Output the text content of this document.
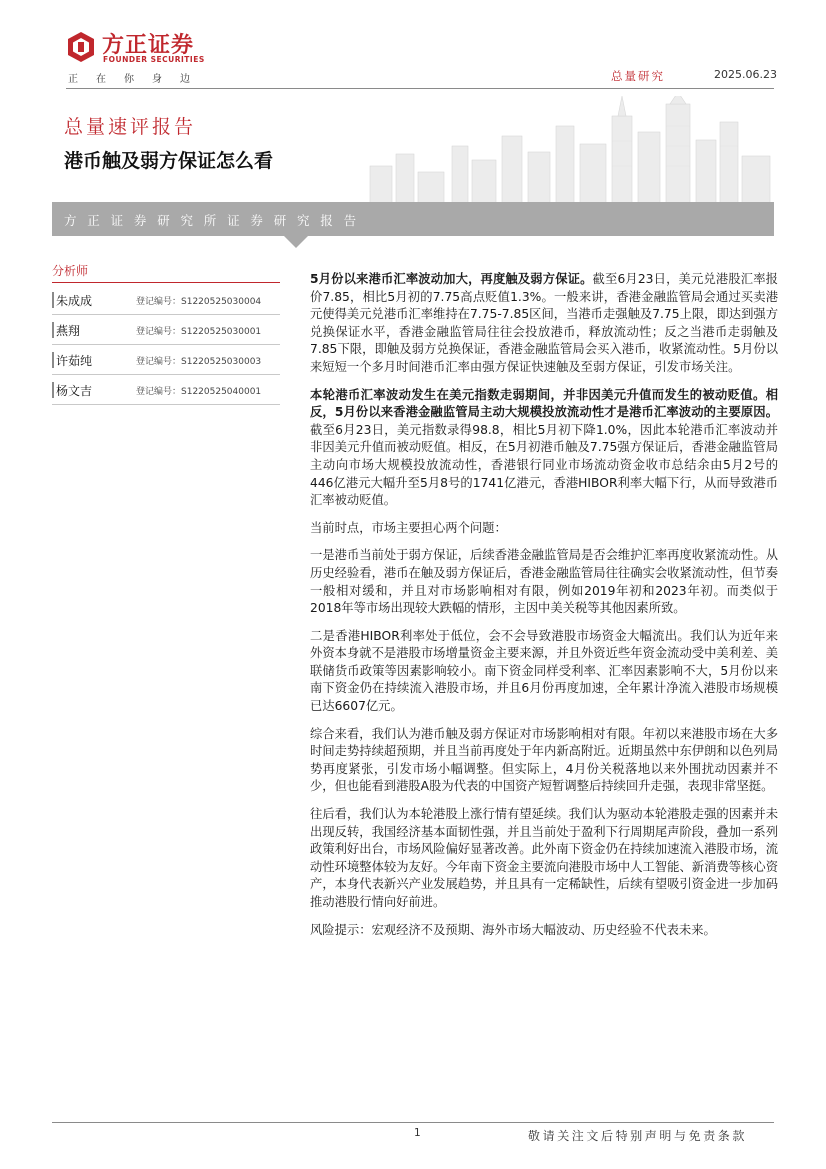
方正证券
FOUNDER SECURITIES
正在你身边	总量研究	2025.06.23
总量速评报告
港币触及弱方保证怎么看
方正证券研究所证券研究报告
分析师
朱成成	登记编号：S1220525030004
燕翔	登记编号：S1220525030001
许茹纯	登记编号：S1220525030003
杨文吉	登记编号：S1220525040001

5月份以来港币汇率波动加大，再度触及弱方保证。截至6月23日，美元兑港股汇率报价7.85，相比5月初的7.75高点贬值1.3%。一般来讲，香港金融监管局会通过买卖港元使得美元兑港币汇率维持在7.75-7.85区间，当港币走强触及7.75上限，即达到强方兑换保证水平，香港金融监管局往往会投放港币，释放流动性；反之当港币走弱触及7.85下限，即触及弱方兑换保证，香港金融监管局会买入港币，收紧流动性。5月份以来短短一个多月时间港币汇率由强方保证快速触及至弱方保证，引发市场关注。

本轮港币汇率波动发生在美元指数走弱期间，并非因美元升值而发生的被动贬值。相反，5月份以来香港金融监管局主动大规模投放流动性才是港币汇率波动的主要原因。截至6月23日，美元指数录得98.8，相比5月初下降1.0%，因此本轮港币汇率波动并非因美元升值而被动贬值。相反，在5月初港币触及7.75强方保证后，香港金融监管局主动向市场大规模投放流动性，香港银行同业市场流动资金收市总结余由5月2号的446亿港元大幅升至5月8号的1741亿港元，香港HIBOR利率大幅下行，从而导致港币汇率被动贬值。

当前时点，市场主要担心两个问题：

一是港币当前处于弱方保证，后续香港金融监管局是否会维护汇率再度收紧流动性。从历史经验看，港币在触及弱方保证后，香港金融监管局往往确实会收紧流动性，但节奏一般相对缓和，并且对市场影响相对有限，例如2019年初和2023年初。而类似于2018年等市场出现较大跌幅的情形，主因中美关税等其他因素所致。

二是香港HIBOR利率处于低位，会不会导致港股市场资金大幅流出。我们认为近年来外资本身就不是港股市场增量资金主要来源，并且外资近些年资金流动受中美利差、美联储货币政策等因素影响较小。南下资金同样受利率、汇率因素影响不大，5月份以来南下资金仍在持续流入港股市场，并且6月份再度加速，全年累计净流入港股市场规模已达6607亿元。

综合来看，我们认为港币触及弱方保证对市场影响相对有限。年初以来港股市场在大多时间走势持续超预期，并且当前再度处于年内新高附近。近期虽然中东伊朗和以色列局势再度紧张，引发市场小幅调整。但实际上，4月份关税落地以来外围扰动因素并不少，但也能看到港股A股为代表的中国资产短暂调整后持续回升走强，表现非常坚挺。

往后看，我们认为本轮港股上涨行情有望延续。我们认为驱动本轮港股走强的因素并未出现反转，我国经济基本面韧性强，并且当前处于盈利下行周期尾声阶段，叠加一系列政策利好出台，市场风险偏好显著改善。此外南下资金仍在持续加速流入港股市场，流动性环境整体较为友好。今年南下资金主要流向港股市场中人工智能、新消费等核心资产，本身代表新兴产业发展趋势，并且具有一定稀缺性，后续有望吸引资金进一步加码推动港股行情向好前进。

风险提示：宏观经济不及预期、海外市场大幅波动、历史经验不代表未来。

1	敬请关注文后特别声明与免责条款
